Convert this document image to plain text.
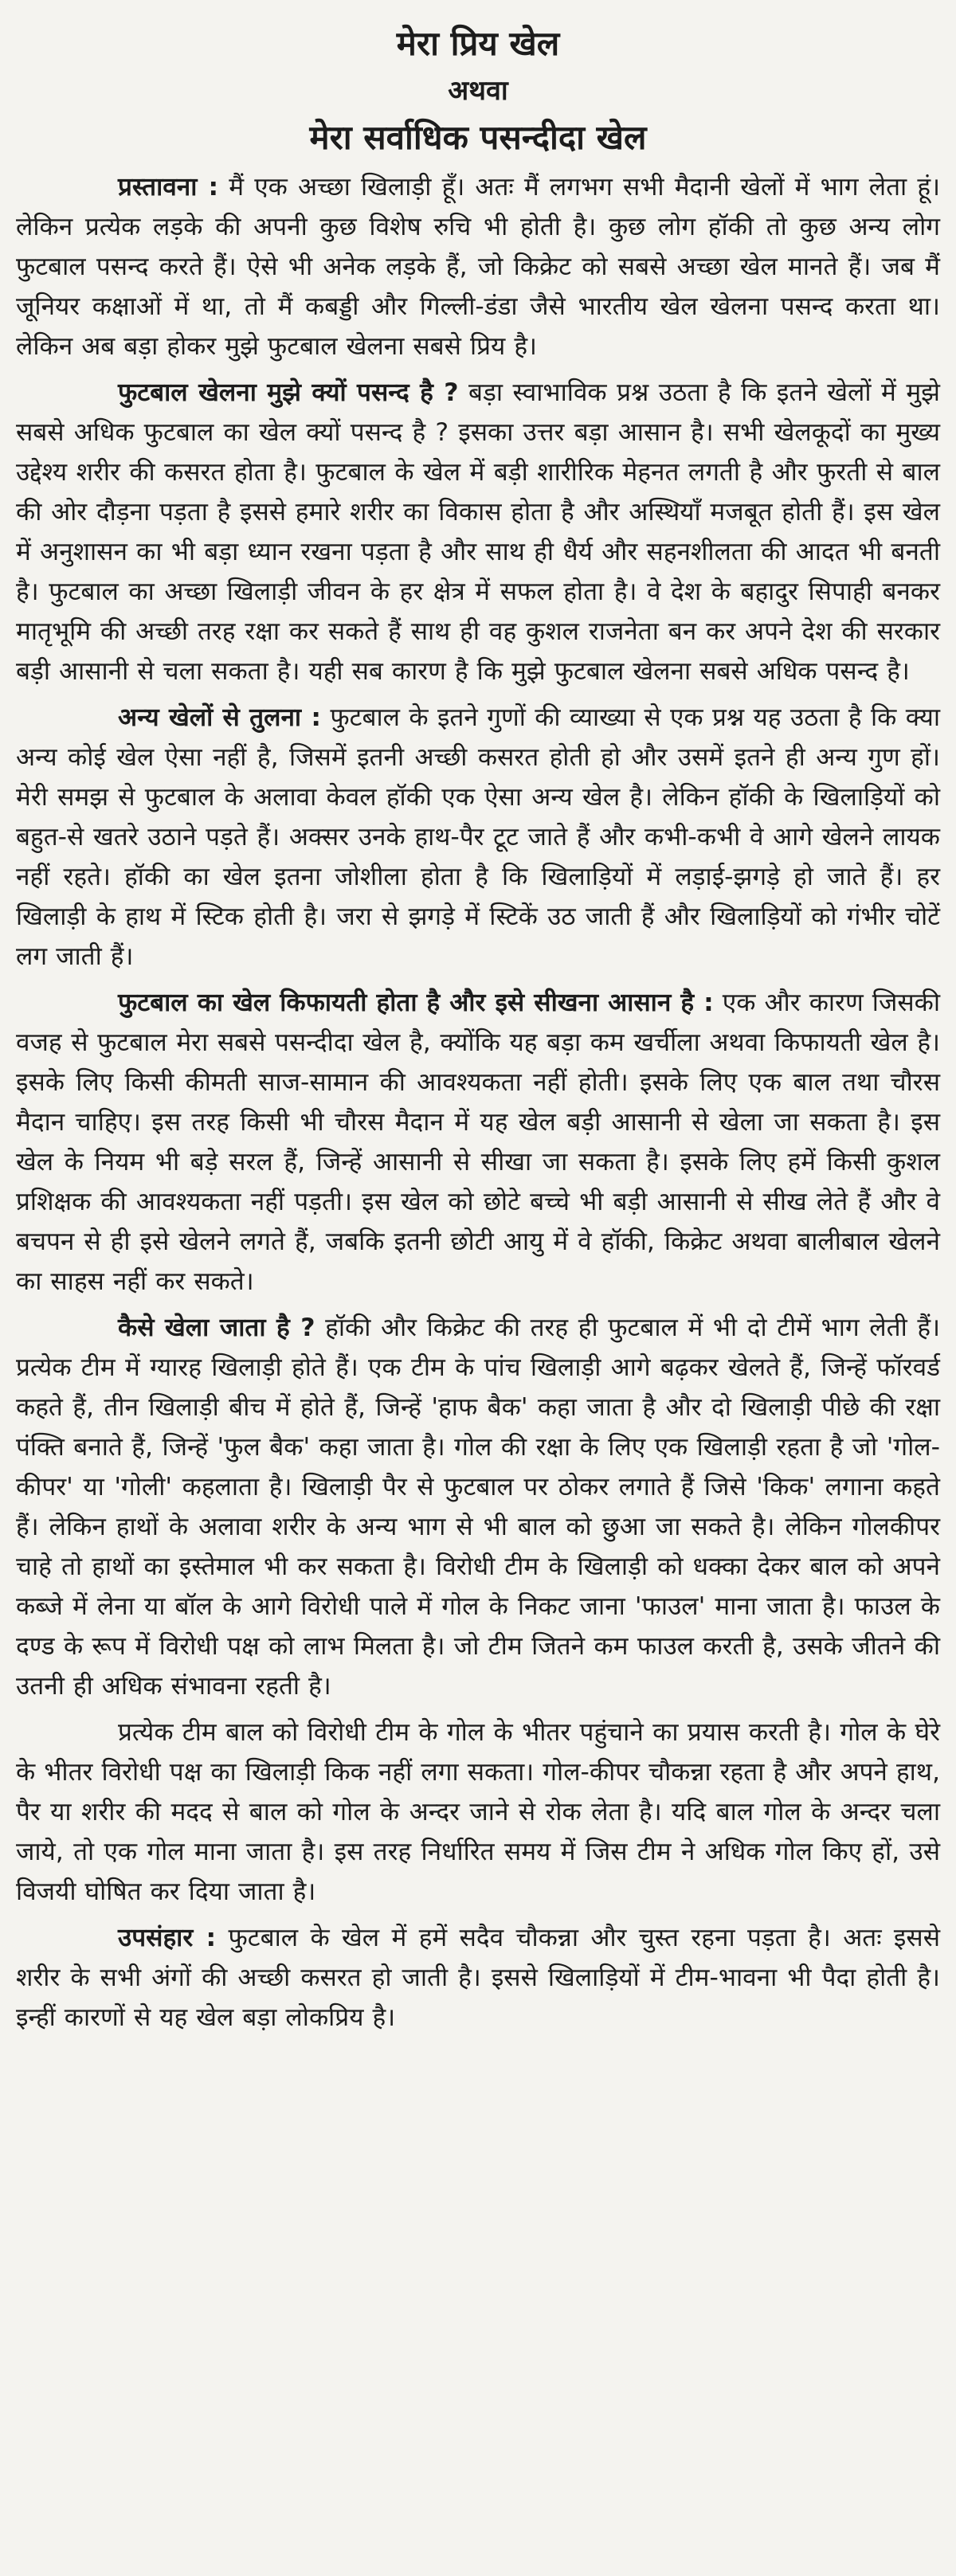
मेरा प्रिय खेल

अथवा

मेरा सर्वाधिक पसन्दीदा खेल

प्रस्तावना : मैं एक अच्छा खिलाड़ी हूँ। अतः मैं लगभग सभी मैदानी खेलों में भाग लेता हूं। लेकिन प्रत्येक लड़के की अपनी कुछ विशेष रुचि भी होती है। कुछ लोग हॉकी तो कुछ अन्य लोग फुटबाल पसन्द करते हैं। ऐसे भी अनेक लड़के हैं, जो किक्रेट को सबसे अच्छा खेल मानते हैं। जब मैं जूनियर कक्षाओं में था, तो मैं कबड्डी और गिल्ली-डंडा जैसे भारतीय खेल खेलना पसन्द करता था। लेकिन अब बड़ा होकर मुझे फुटबाल खेलना सबसे प्रिय है।

फुटबाल खेलना मुझे क्यों पसन्द है ? बड़ा स्वाभाविक प्रश्न उठता है कि इतने खेलों में मुझे सबसे अधिक फुटबाल का खेल क्यों पसन्द है ? इसका उत्तर बड़ा आसान है। सभी खेलकूदों का मुख्य उद्देश्य शरीर की कसरत होता है। फुटबाल के खेल में बड़ी शारीरिक मेहनत लगती है और फुरती से बाल की ओर दौड़ना पड़ता है इससे हमारे शरीर का विकास होता है और अस्थियाँ मजबूत होती हैं। इस खेल में अनुशासन का भी बड़ा ध्यान रखना पड़ता है और साथ ही धैर्य और सहनशीलता की आदत भी बनती है। फुटबाल का अच्छा खिलाड़ी जीवन के हर क्षेत्र में सफल होता है। वे देश के बहादुर सिपाही बनकर मातृभूमि की अच्छी तरह रक्षा कर सकते हैं साथ ही वह कुशल राजनेता बन कर अपने देश की सरकार बड़ी आसानी से चला सकता है। यही सब कारण है कि मुझे फुटबाल खेलना सबसे अधिक पसन्द है।

अन्य खेलों से तुलना : फुटबाल के इतने गुणों की व्याख्या से एक प्रश्न यह उठता है कि क्या अन्य कोई खेल ऐसा नहीं है, जिसमें इतनी अच्छी कसरत होती हो और उसमें इतने ही अन्य गुण हों। मेरी समझ से फुटबाल के अलावा केवल हॉकी एक ऐसा अन्य खेल है। लेकिन हॉकी के खिलाड़ियों को बहुत-से खतरे उठाने पड़ते हैं। अक्सर उनके हाथ-पैर टूट जाते हैं और कभी-कभी वे आगे खेलने लायक नहीं रहते। हॉकी का खेल इतना जोशीला होता है कि खिलाड़ियों में लड़ाई-झगड़े हो जाते हैं। हर खिलाड़ी के हाथ में स्टिक होती है। जरा से झगड़े में स्टिकें उठ जाती हैं और खिलाड़ियों को गंभीर चोटें लग जाती हैं।

फुटबाल का खेल किफायती होता है और इसे सीखना आसान है : एक और कारण जिसकी वजह से फुटबाल मेरा सबसे पसन्दीदा खेल है, क्योंकि यह बड़ा कम खर्चीला अथवा किफायती खेल है। इसके लिए किसी कीमती साज-सामान की आवश्यकता नहीं होती। इसके लिए एक बाल तथा चौरस मैदान चाहिए। इस तरह किसी भी चौरस मैदान में यह खेल बड़ी आसानी से खेला जा सकता है। इस खेल के नियम भी बड़े सरल हैं, जिन्हें आसानी से सीखा जा सकता है। इसके लिए हमें किसी कुशल प्रशिक्षक की आवश्यकता नहीं पड़ती। इस खेल को छोटे बच्चे भी बड़ी आसानी से सीख लेते हैं और वे बचपन से ही इसे खेलने लगते हैं, जबकि इतनी छोटी आयु में वे हॉकी, किक्रेट अथवा बालीबाल खेलने का साहस नहीं कर सकते।

कैसे खेला जाता है ? हॉकी और किक्रेट की तरह ही फुटबाल में भी दो टीमें भाग लेती हैं। प्रत्येक टीम में ग्यारह खिलाड़ी होते हैं। एक टीम के पांच खिलाड़ी आगे बढ़कर खेलते हैं, जिन्हें फॉरवर्ड कहते हैं, तीन खिलाड़ी बीच में होते हैं, जिन्हें 'हाफ बैक' कहा जाता है और दो खिलाड़ी पीछे की रक्षा पंक्ति बनाते हैं, जिन्हें 'फुल बैक' कहा जाता है। गोल की रक्षा के लिए एक खिलाड़ी रहता है जो 'गोल-कीपर' या 'गोली' कहलाता है। खिलाड़ी पैर से फुटबाल पर ठोकर लगाते हैं जिसे 'किक' लगाना कहते हैं। लेकिन हाथों के अलावा शरीर के अन्य भाग से भी बाल को छुआ जा सकते है। लेकिन गोलकीपर चाहे तो हाथों का इस्तेमाल भी कर सकता है। विरोधी टीम के खिलाड़ी को धक्का देकर बाल को अपने कब्जे में लेना या बॉल के आगे विरोधी पाले में गोल के निकट जाना 'फाउल' माना जाता है। फाउल के दण्ड के रूप में विरोधी पक्ष को लाभ मिलता है। जो टीम जितने कम फाउल करती है, उसके जीतने की उतनी ही अधिक संभावना रहती है।

प्रत्येक टीम बाल को विरोधी टीम के गोल के भीतर पहुंचाने का प्रयास करती है। गोल के घेरे के भीतर विरोधी पक्ष का खिलाड़ी किक नहीं लगा सकता। गोल-कीपर चौकन्ना रहता है और अपने हाथ, पैर या शरीर की मदद से बाल को गोल के अन्दर जाने से रोक लेता है। यदि बाल गोल के अन्दर चला जाये, तो एक गोल माना जाता है। इस तरह निर्धारित समय में जिस टीम ने अधिक गोल किए हों, उसे विजयी घोषित कर दिया जाता है।

उपसंहार : फुटबाल के खेल में हमें सदैव चौकन्ना और चुस्त रहना पड़ता है। अतः इससे शरीर के सभी अंगों की अच्छी कसरत हो जाती है। इससे खिलाड़ियों में टीम-भावना भी पैदा होती है। इन्हीं कारणों से यह खेल बड़ा लोकप्रिय है।
